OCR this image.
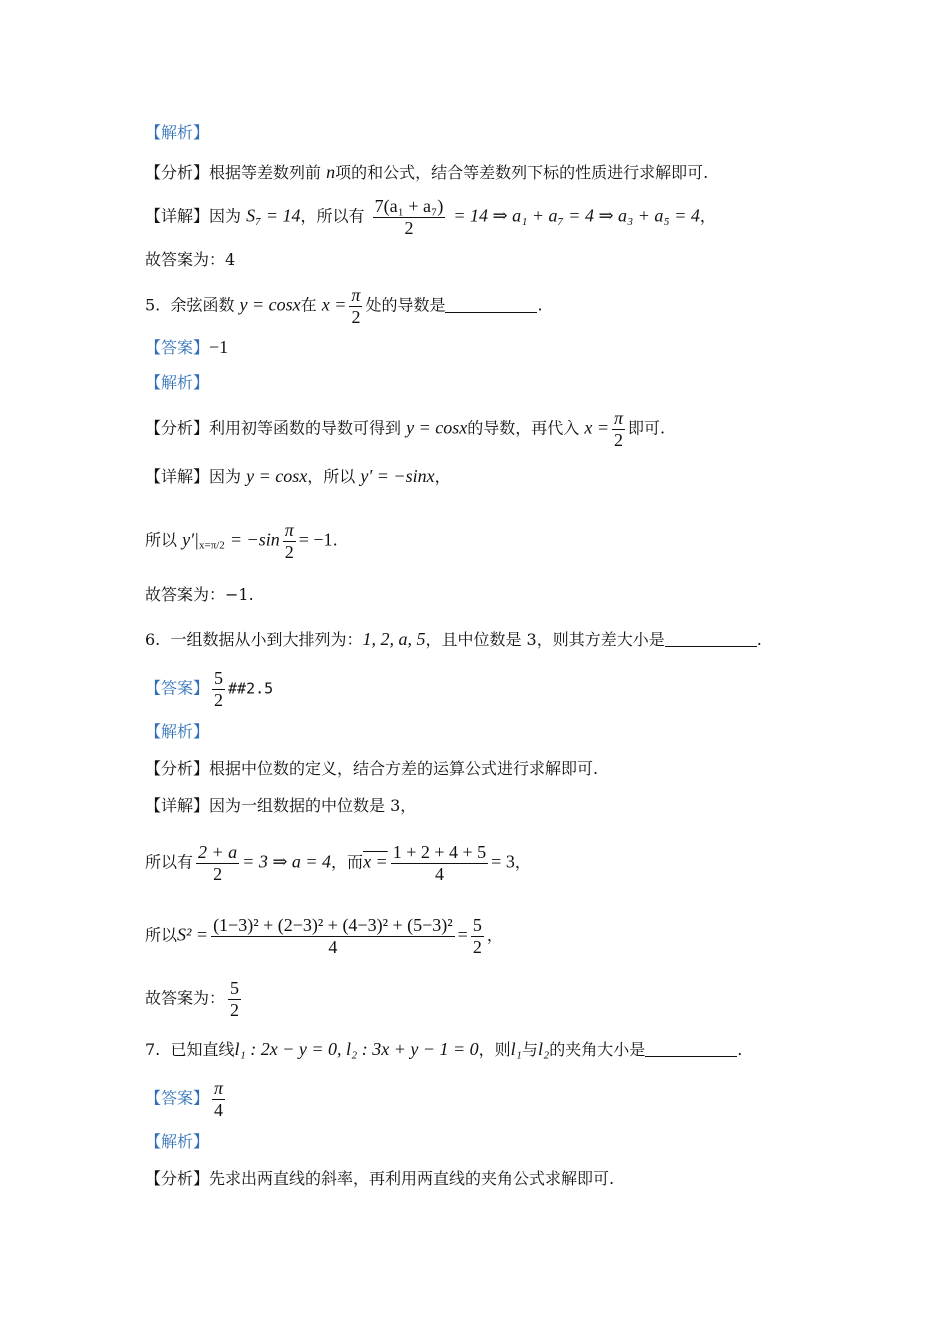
【解析】
【分析】根据等差数列前 n项的和公式，结合等差数列下标的性质进行求解即可.
【详解】因为 S₇ = 14，所以有 $\frac{\text{7(a₁ + a₇)}}{2} = 14$ ⇒ a₁ + a₇ = 4 ⇒ a₃ + a₅ = 4，
故答案为：4
5. 余弦函数 y = cosx在 $x = \frac{\pi}{2}$ 处的导数是	.
【答案】−1
【解析】
【分析】利用初等函数的导数可得到 y = cosx的导数，再代入 $x = \frac{\pi}{2}$ 即可.
【详解】因为 y = cosx，所以 y′ = −sinx，
所以 $y'|_{x=\pi/2} = -\sin \frac{\pi}{2} = -1$.
故答案为：−1.
6. 一组数据从小到大排列为：1, 2, a, 5，且中位数是 3，则其方差大小是	.
【答案】 $\frac{5}{2}$ ##2.5
【解析】
【分析】根据中位数的定义，结合方差的运算公式进行求解即可.
【详解】因为一组数据的中位数是 3，
所以有 $\frac{2 + a}{2} = 3$ ⇒ a = 4，而$x = \frac{1 + 2 + 4 + 5}{4} = 3$，
所以$S^2 = \frac{\text{(1−3)² + (2−3)² + (4−3)² + (5−3)²}}{4} = \frac{5}{2}$ ，
故答案为： $\frac{5}{2}$
7. 已知直线l₁ : 2x − y = 0, l₂ : 3x + y − 1 = 0，则l₁与l₂的夹角大小是	.
【答案】 $\frac{\pi}{4}$
【解析】
【分析】先求出两直线的斜率，再利用两直线的夹角公式求解即可.
